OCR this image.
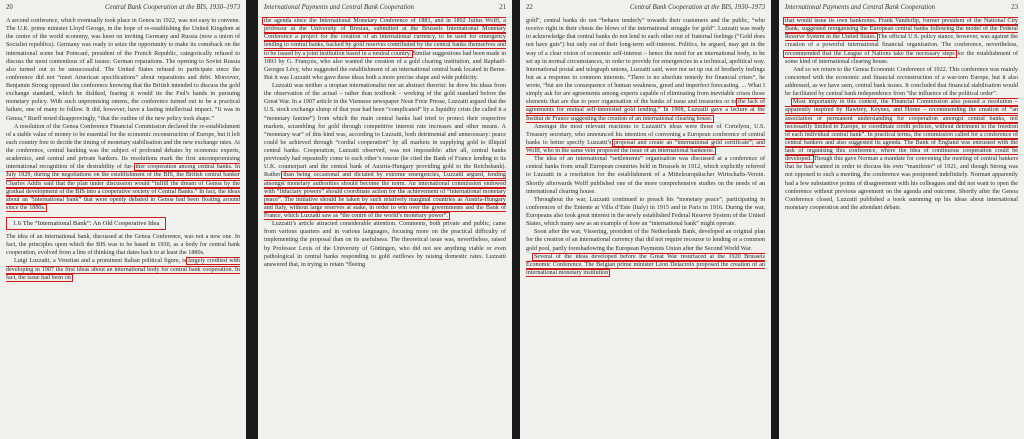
20	Central Bank Cooperation at the BIS, 1930–1973

A second conference, which eventually took place in Genoa in 1922, was not easy to convene. The U.K. prime minister Lloyd George, in the hope of re-establishing the United Kingdom at the centre of the world economy, was keen on inviting Germany and Russia (now a union of Socialist republics). Germany was ready to seize the opportunity to make its comeback on the international scene but Poincaré, president of the French Republic, categorically refused to discuss the most contentious of all issues: German reparations. The opening to Soviet Russia also turned out to be unsuccessful. The United States refused to participate since the conference did not “meet American specifications” about reparations and debt. Moreover, Benjamin Strong opposed the conference knowing that the British intended to discuss the gold exchange standard, which he disliked, fearing it would tie the Fed’s hands in pursuing monetary policy. With such unpromising omens, the conference turned out to be a practical failure, one of many to follow. It did, however, have a lasting intellectual impact. “It was in Genoa,” Rueff noted disapprovingly, “that the outline of the new policy took shape.”

A resolution of the Genoa Conference Financial Commission declared the re-establishment of a stable value of money to be essential for the economic reconstruction of Europe, but it left each country free to decide the timing of monetary stabilisation and the new exchange rates. At the conference, central banking was the subject of profound debates by economic experts, academics, and central and private bankers. Its resolutions mark the first uncompromising international recognition of the desirability of fur- ther cooperation among central banks. In July 1929, during the negotiations on the establishment of the BIS, the British central banker Charles Addis said that the plan under discussion would “fulfill the dream of Genoa by the gradual development of the BIS into a cooperative society of Central Banks.” In fact, the ideas about an “international bank” that were openly debated in Genoa had been floating around since the 1880s.

1.6 The “International Bank”: An Old Cooperative Idea

The idea of an international bank, discussed at the Genoa Conference, was not a new one. In fact, the principles upon which the BIS was to be based in 1930, as a body for central bank cooperation, evolved from a line of thinking that dates back to at least the 1880s.

Luigi Luzzatti, a Venetian and a prominent Italian political figure, is largely credited with developing in 1907 the first ideas about an international body for central bank cooperation. In fact, the issue had been on

International Payments and Central Bank Cooperation	21

the agenda since the International Monetary Conference of 1881, and in 1892 Julius Wolff, a professor at the University of Breslau, submitted at the Brussels International Monetary Conference a project for the creation of an international currency, to be used for emergency lending to central banks, backed by gold reserves contributed by the central banks themselves and to be issued by a joint institution based in a neutral country. Similar suggestions had been made in 1893 by G. François, who also wanted the creation of a gold clearing institution, and Raphaël-Georges Lévy, who suggested the establishment of an international central bank located in Berne. But it was Luzzatti who gave these ideas both a more precise shape and wide publicity.

Luzzatti was neither a utopian internationalist nor an abstract theorist: he drew his ideas from the observation of the actual – rather than textbook – working of the gold standard before the Great War. In a 1907 article in the Viennese newspaper Neue Freie Presse, Luzzatti argued that the U.S. stock exchange slump of that year had been “complicated” by a liquidity crisis (he called it a “monetary famine”) from which the main central banks had tried to protect their respective markets, scrambling for gold through competitive interest rate increases and other means. A “monetary war” of this kind was, according to Luzzatti, both detrimental and unnecessary: peace could be achieved through “cordial cooperation” by all markets in supplying gold to illiquid central banks. Cooperation, Luzzatti observed, was not impossible: after all, central banks previously had repeatedly come to each other’s rescue (he cited the Bank of France lending to its U.K. counterpart and the central bank of Austria-Hungary providing gold to the Reichsbank). Rather than being occasional and dictated by extreme emergencies, Luzzatti argued, lending amongst monetary authorities should become the norm. An international commission endowed with “fiduciary powers” should coordinate action for the achievement of “international monetary peace”. The initiative should be taken by such relatively marginal countries as Austria-Hungary and Italy, without large reserves at stake, in order to win over the governments and the Bank of France, which Luzzatti saw as “the centre of the world’s monetary power”.

Luzzatti’s article attracted considerable attention. Comments, both private and public, came from various quarters and in various languages, focusing more on the practical difficulty of implementing the proposal than on its usefulness. The theoretical issue was, nevertheless, raised by Professor Lexis of the University of Göttingen, who did not see anything viable or even pathological in central banks responding to gold outflows by raising domestic rates. Luzzatti answered that, in trying to retain “fleeing

22	Central Bank Cooperation at the BIS, 1930–1973

gold”, central banks do not “behave tenderly” towards their customers and the public, “who receive right in their chests the blows of the international struggle for gold”. Luzzatti was ready to acknowledge that central banks do not lend to each other out of fraternal feelings (“Gold does not have guts”) but only out of their long-term self-interest. Politics, he argued, may get in the way of a clear vision of economic self-interest – hence the need for an international body, to be set up in normal circumstances, in order to provide for emergencies in a technical, apolitical way. International postal and telegraph unions, Luzzatti said, were not set up out of brotherly feelings but as a response to common interests. “There is no absolute remedy for financial crises”, he wrote, “but are the consequence of human weakness, greed and imperfect forecasting. ... What I simply ask for are agreements among experts capable of eliminating from inevitable crises those elements that are due to poor organisation of the banks of issue and treasuries or to the lack of agreements for mutual self-interested gold lending.” In 1908, Luzzatti gave a lecture at the Institut de France suggesting the creation of an international clearing house.

Amongst the most relevant reactions to Luzzatti’s ideas were those of Cortelyou, U.S. Treasury secretary, who announced his intention of convening a European conference of central banks to better specify Luzzatti’s proposal and create an “international gold certificate”; and Wolff, who in the same vein proposed the issue of an international banknote.

The idea of an international “settlements” organisation was discussed at a conference of central banks from small European countries held in Brussels in 1912, which explicitly referred to Luzzatti in a resolution for the establishment of a Mitteleuropäischer Wirtschafts-Verein. Shortly afterwards Wolff published one of the more comprehensive studies on the needs of an international clearing house.

Throughout the war, Luzzatti continued to preach his “monetary peace”, participating in conferences of the Entente at Villa d’Este (Italy) in 1915 and in Paris in 1916. During the war, Europeans also took great interest in the newly established Federal Reserve System of the United States, which many saw as an example of how an “international bank” might operate.

Soon after the war, Vissering, president of the Netherlands Bank, developed an original plan for the creation of an international currency that did not require recourse to lending or a common gold pool, partly foreshadowing the European Payments Union after the Second World War.

Several of the ideas developed before the Great War resurfaced at the 1920 Brussels Economic Conference. The Belgian prime minister Léon Delacroix proposed the creation of an international monetary institution

International Payments and Central Bank Cooperation	23

that would issue its own banknotes. Frank Vanderlip, former president of the National City Bank, suggested reorganising the European central banks following the model of the Federal Reserve System in the United States. The official U.S. policy stance, however, was against the creation of a powerful international financial organisation. The conference, nevertheless, recommended that the League of Nations take the necessary steps for the establishment of some kind of international clearing house.

And so we return to the Genoa Economic Conference of 1922. This conference was mainly concerned with the economic and financial reconstruction of a war-torn Europe, but it also addressed, as we have seen, central bank issues. It concluded that financial stabilisation would be facilitated by central bank independence from “the influence of the political order”.

Most importantly in this context, the Financial Commission also passed a resolution – apparently inspired by Hawtrey, Keynes, and Horne – recommending the creation of “an association or permanent understanding for cooperation amongst central banks, not necessarily limited to Europe, to coordinate credit policies, without detriment to the freedom of each individual central bank”. In practical terms, the commission called for a conference of central bankers and also suggested its agenda. The Bank of England was entrusted with the task of organising this conference, where the idea of continuous cooperation could be developed. Though this gave Norman a mandate for convening the meeting of central bankers that he had wanted in order to discuss his own “manifesto” of 1921, and though Strong was not opposed to such a meeting, the conference was postponed indefinitely. Norman apparently had a few substantive points of disagreement with his colleagues and did not want to open the conference without previous agreement on the agenda and outcome. Shortly after the Genoa Conference closed, Luzzatti published a book summing up his ideas about international monetary cooperation and the attendant debate.
